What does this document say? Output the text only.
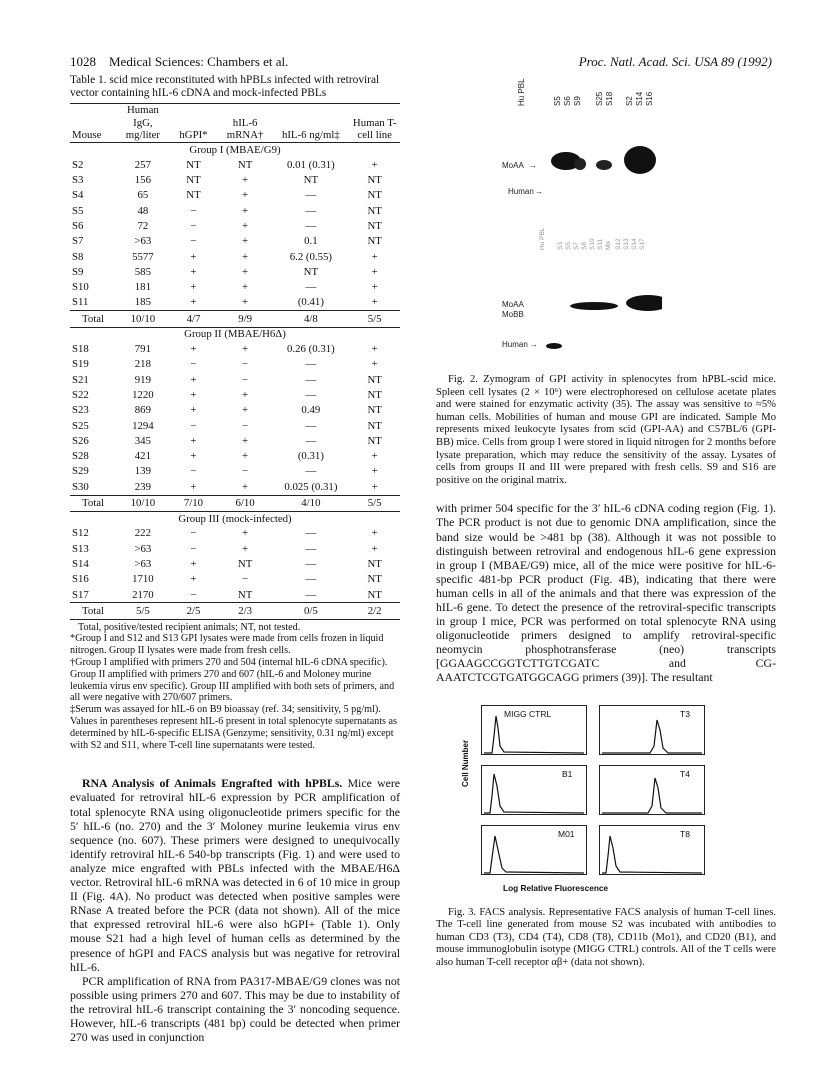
1028 Medical Sciences: Chambers et al.	Proc. Natl. Acad. Sci. USA 89 (1992)

Table 1. scid mice reconstituted with hPBLs infected with retroviral vector containing hIL-6 cDNA and mock-infected PBLs

Mouse	Human IgG, mg/liter	hGPI*	hIL-6 mRNA†	hIL-6 ng/ml‡	Human T-cell line
Group I (MBAE/G9)					
S2	257	NT	NT	0.01 (0.31)	+
S3	156	NT	+	NT	NT
S4	65	NT	+	—	NT
S5	48	−	+	—	NT
S6	72	−	+	—	NT
S7	>63	−	+	0.1	NT
S8	5577	+	+	6.2 (0.55)	+
S9	585	+	+	NT	+
S10	181	+	+	—	+
S11	185	+	+	(0.41)	+
Total	10/10	4/7	9/9	4/8	5/5
Group II (MBAE/H6Δ)					
S18	791	+	+	0.26 (0.31)	+
S19	218	−	−	—	+
S21	919	+	−	—	NT
S22	1220	+	+	—	NT
S23	869	+	+	0.49	NT
S25	1294	−	−	—	NT
S26	345	+	+	—	NT
S28	421	+	+	(0.31)	+
S29	139	−	−	—	+
S30	239	+	+	0.025 (0.31)	+
Total	10/10	7/10	6/10	4/10	5/5
Group III (mock-infected)					
S12	222	−	+	—	+
S13	>63	−	+	—	+
S14	>63	+	NT	—	NT
S16	1710	+	−	—	NT
S17	2170	−	NT	—	NT
Total	5/5	2/5	2/3	0/5	2/2

Total, positive/tested recipient animals; NT, not tested.

*Group I and S12 and S13 GPI lysates were made from cells frozen in liquid nitrogen. Group II lysates were made from fresh cells.

†Group I amplified with primers 270 and 504 (internal hIL-6 cDNA specific). Group II amplified with primers 270 and 607 (hIL-6 and Moloney murine leukemia virus env specific). Group III amplified with both sets of primers, and all were negative with 270/607 primers.

‡Serum was assayed for hIL-6 on B9 bioassay (ref. 34; sensitivity, 5 pg/ml). Values in parentheses represent hIL-6 present in total splenocyte supernatants as determined by hIL-6-specific ELISA (Genzyme; sensitivity, 0.31 ng/ml) except with S2 and S11, where T-cell line supernatants were tested.

RNA Analysis of Animals Engrafted with hPBLs. Mice were evaluated for retroviral hIL-6 expression by PCR amplification of total splenocyte RNA using oligonucleotide primers specific for the 5′ hIL-6 (no. 270) and the 3′ Moloney murine leukemia virus env sequence (no. 607). These primers were designed to unequivocally identify retroviral hIL-6 540-bp transcripts (Fig. 1) and were used to analyze mice engrafted with PBLs infected with the MBAE/H6Δ vector. Retroviral hIL-6 mRNA was detected in 6 of 10 mice in group II (Fig. 4A). No product was detected when positive samples were RNase A treated before the PCR (data not shown). All of the mice that expressed retroviral hIL-6 were also hGPI+ (Table 1). Only mouse S21 had a high level of human cells as determined by the presence of hGPI and FACS analysis but was negative for retroviral hIL-6.

PCR amplification of RNA from PA317-MBAE/G9 clones was not possible using primers 270 and 607. This may be due to instability of the retroviral hIL-6 transcript containing the 3′ noncoding sequence. However, hIL-6 transcripts (481 bp) could be detected when primer 270 was used in conjunction

Hu PBL	S5 S6 S9 S25 S18 S2 S14 S16
MoAA →
Human →
Hu PBL S3 S5 S7 S8 S10 S11 Mo S12 S13 S14 S17
MoAA
MoBB
Human →

Fig. 2. Zymogram of GPI activity in splenocytes from hPBL-scid mice. Spleen cell lysates (2 × 10⁶) were electrophoresed on cellulose acetate plates and were stained for enzymatic activity (35). The assay was sensitive to ≈5% human cells. Mobilities of human and mouse GPI are indicated. Sample Mo represents mixed leukocyte lysates from scid (GPI-AA) and C57BL/6 (GPI-BB) mice. Cells from group I were stored in liquid nitrogen for 2 months before lysate preparation, which may reduce the sensitivity of the assay. Lysates of cells from groups II and III were prepared with fresh cells. S9 and S16 are positive on the original matrix.

with primer 504 specific for the 3′ hIL-6 cDNA coding region (Fig. 1). The PCR product is not due to genomic DNA amplification, since the band size would be >481 bp (38). Although it was not possible to distinguish between retroviral and endogenous hIL-6 gene expression in group I (MBAE/G9) mice, all of the mice were positive for hIL-6-specific 481-bp PCR product (Fig. 4B), indicating that there were human cells in all of the animals and that there was expression of the hIL-6 gene. To detect the presence of the retroviral-specific transcripts in group I mice, PCR was performed on total splenocyte RNA using oligonucleotide primers designed to amplify retroviral-specific neomycin phosphotransferase (neo) transcripts [GGAAGCCGGTCTTGTCGATC and CG-AAATCTCGTGATGGCAGG primers (39)]. The resultant

MIGG CTRL	T3
B1	T4
M01	T8
Cell Number
Log Relative Fluorescence

Fig. 3. FACS analysis. Representative FACS analysis of human T-cell lines. The T-cell line generated from mouse S2 was incubated with antibodies to human CD3 (T3), CD4 (T4), CD8 (T8), CD11b (Mo1), and CD20 (B1), and mouse immunoglobulin isotype (MIGG CTRL) controls. All of the T cells were also human T-cell receptor αβ+ (data not shown).
